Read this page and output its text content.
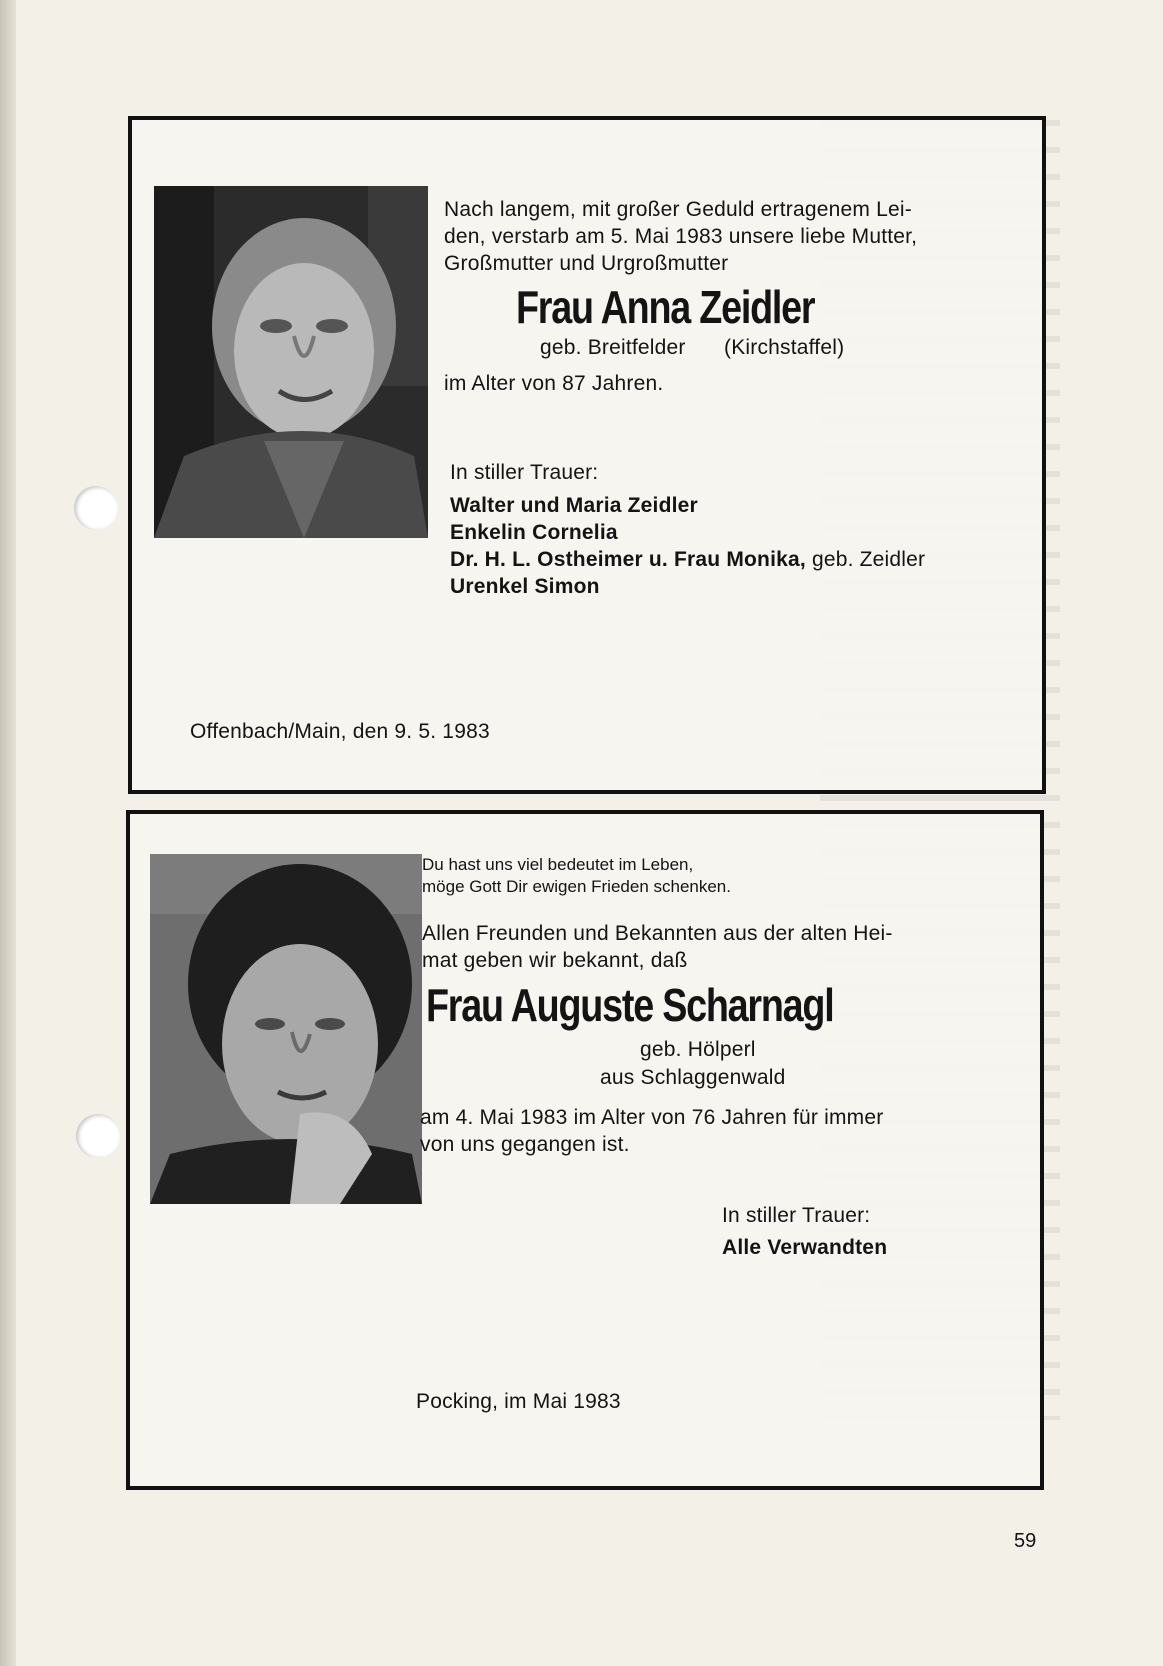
Nach langem, mit großer Geduld ertragenem Lei-
den, verstarb am 5. Mai 1983 unsere liebe Mutter,
Großmutter und Urgroßmutter
Frau Anna Zeidler
geb. Breitfelder (Kirchstaffel)
im Alter von 87 Jahren.
In stiller Trauer:
Walter und Maria Zeidler
Enkelin Cornelia
Dr. H. L. Ostheimer u. Frau Monika, geb. Zeidler
Urenkel Simon
Offenbach/Main, den 9. 5. 1983
Du hast uns viel bedeutet im Leben,
möge Gott Dir ewigen Frieden schenken.
Allen Freunden und Bekannten aus der alten Hei-
mat geben wir bekannt, daß
Frau Auguste Scharnagl
geb. Hölperl
aus Schlaggenwald
am 4. Mai 1983 im Alter von 76 Jahren für immer
von uns gegangen ist.
In stiller Trauer:
Alle Verwandten
Pocking, im Mai 1983
59
